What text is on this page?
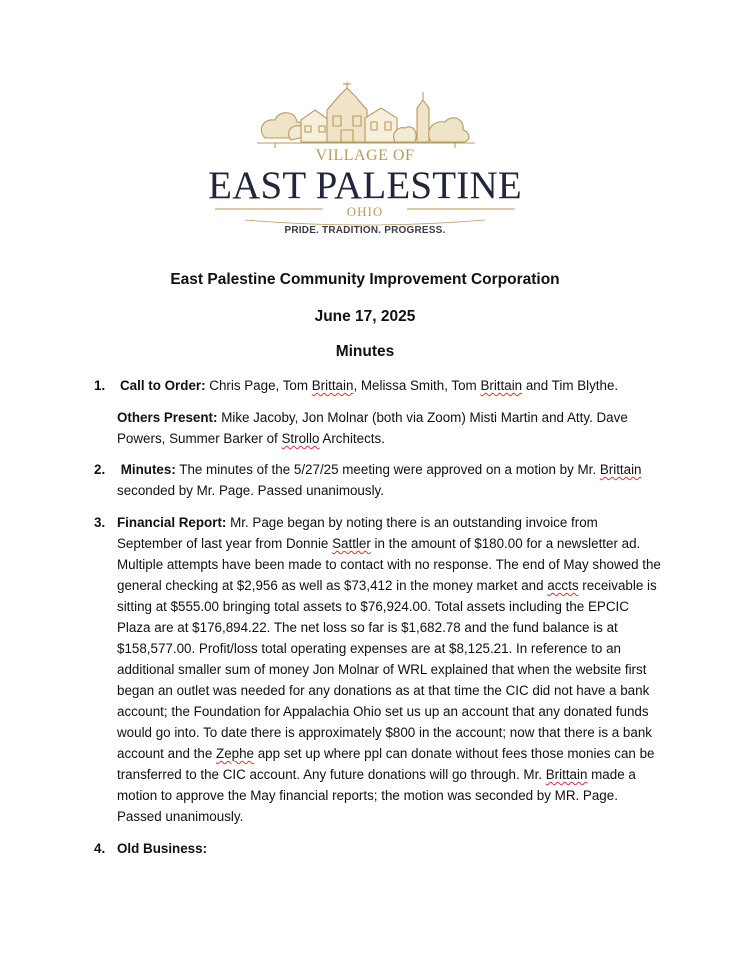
VILLAGE OF
EAST PALESTINE
OHIO
PRIDE. TRADITION. PROGRESS.
East Palestine Community Improvement Corporation
June 17, 2025
Minutes
1. Call to Order: Chris Page, Tom Brittain, Melissa Smith, Tom Brittain and Tim Blythe.
Others Present: Mike Jacoby, Jon Molnar (both via Zoom) Misti Martin and Atty. Dave Powers, Summer Barker of Strollo Architects.
2. Minutes: The minutes of the 5/27/25 meeting were approved on a motion by Mr. Brittain seconded by Mr. Page. Passed unanimously.
3. Financial Report: Mr. Page began by noting there is an outstanding invoice from September of last year from Donnie Sattler in the amount of $180.00 for a newsletter ad. Multiple attempts have been made to contact with no response. The end of May showed the general checking at $2,956 as well as $73,412 in the money market and accts receivable is sitting at $555.00 bringing total assets to $76,924.00. Total assets including the EPCIC Plaza are at $176,894.22. The net loss so far is $1,682.78 and the fund balance is at $158,577.00. Profit/loss total operating expenses are at $8,125.21. In reference to an additional smaller sum of money Jon Molnar of WRL explained that when the website first began an outlet was needed for any donations as at that time the CIC did not have a bank account; the Foundation for Appalachia Ohio set us up an account that any donated funds would go into. To date there is approximately $800 in the account; now that there is a bank account and the Zephe app set up where ppl can donate without fees those monies can be transferred to the CIC account. Any future donations will go through. Mr. Brittain made a motion to approve the May financial reports; the motion was seconded by MR. Page. Passed unanimously.
4. Old Business:
